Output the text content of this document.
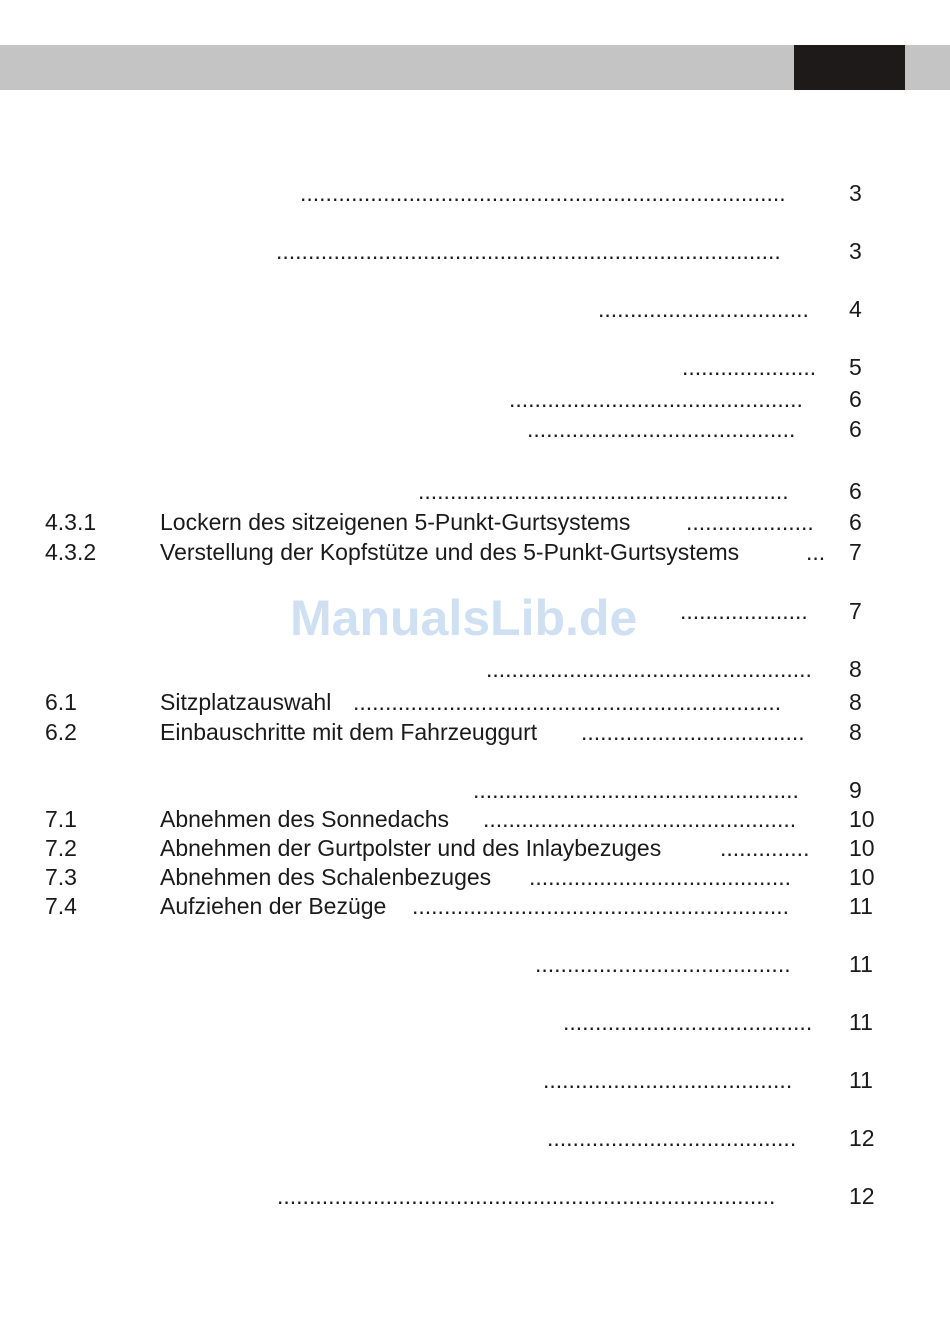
............................................................................	3
...............................................................................	3
................................. 4
..................... 5
.............................................. 6
.......................................... 6
..........................................................	6
4.3.1	Lockern des sitzeigenen 5-Punkt-Gurtsystems .................... 6
4.3.2	Verstellung der Kopfstütze und des 5-Punkt-Gurtsystems	... 7
.................... 7
................................................... 8
6.1	Sitzplatzauswahl ...................................................................	8
6.2	Einbauschritte mit dem Fahrzeuggurt ................................... 8
................................................... 9
7.1	Abnehmen des Sonnedachs ................................................. 10
7.2	Abnehmen der Gurtpolster und des Inlaybezuges	.............. 10
7.3	Abnehmen des Schalenbezuges .........................................	10
7.4	Aufziehen der Bezüge ...........................................................	11
........................................	11
....................................... 11
....................................... 11
....................................... 12
..............................................................................	12
ManualsLib.de
